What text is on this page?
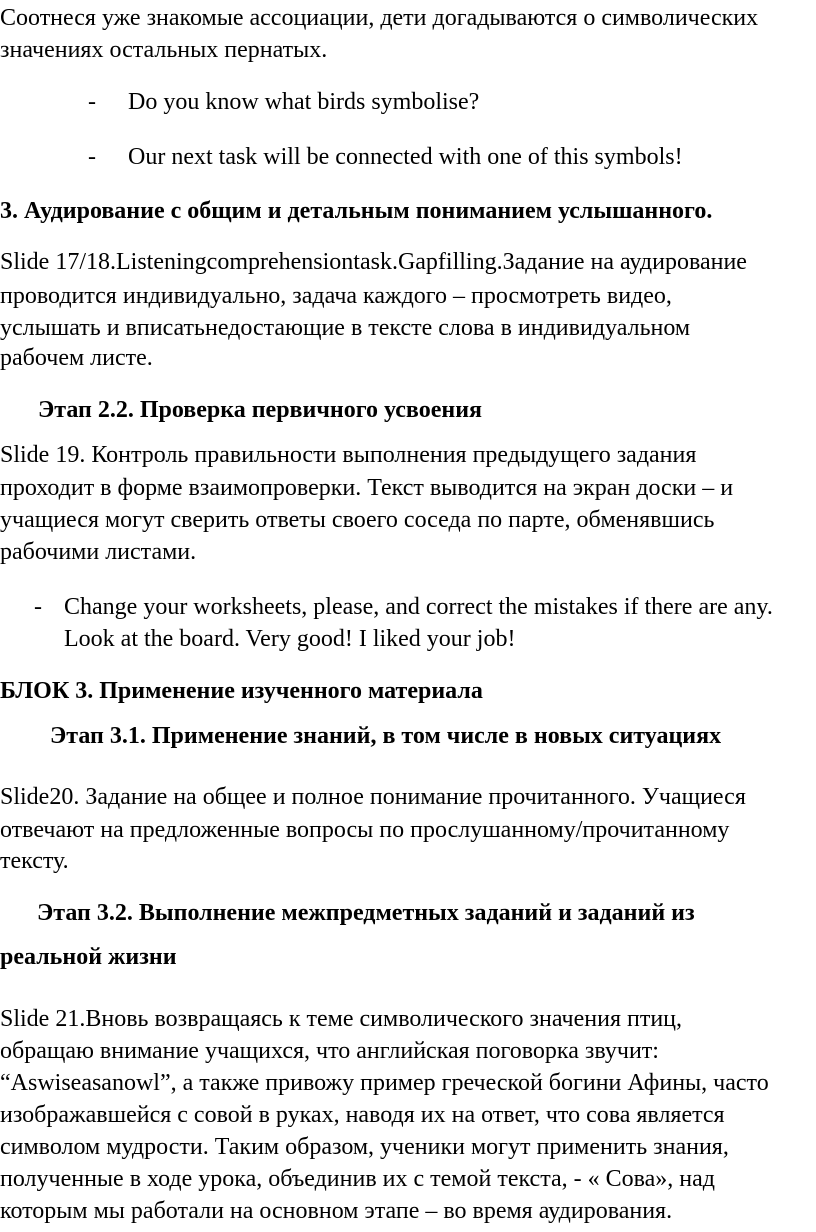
Соотнеся уже знакомые ассоциации, дети догадываются о символических
значениях остальных пернатых.
- Do you know what birds symbolise?
- Our next task will be connected with one of this symbols!
3. Аудирование с общим и детальным пониманием услышанного.
Slide 17/18.Listeningcomprehensiontask.Gapfilling.Задание на аудирование
проводится индивидуально, задача каждого – просмотреть видео,
услышать и вписатьнедостающие в тексте слова в индивидуальном
рабочем листе.
Этап 2.2. Проверка первичного усвоения
Slide 19. Контроль правильности выполнения предыдущего задания
проходит в форме взаимопроверки. Текст выводится на экран доски – и
учащиеся могут сверить ответы своего соседа по парте, обменявшись
рабочими листами.
- Change your worksheets, please, and correct the mistakes if there are any.
Look at the board. Very good! I liked your job!
БЛОК 3. Применение изученного материала
Этап 3.1. Применение знаний, в том числе в новых ситуациях
Slide20. Задание на общее и полное понимание прочитанного. Учащиеся
отвечают на предложенные вопросы по прослушанному/прочитанному
тексту.
Этап 3.2. Выполнение межпредметных заданий и заданий из
реальной жизни
Slide 21.Вновь возвращаясь к теме символического значения птиц,
обращаю внимание учащихся, что английская поговорка звучит:
“Aswiseasanowl”, а также привожу пример греческой богини Афины, часто
изображавшейся с совой в руках, наводя их на ответ, что сова является
символом мудрости. Таким образом, ученики могут применить знания,
полученные в ходе урока, объединив их с темой текста, - « Сова», над
которым мы работали на основном этапе – во время аудирования.
